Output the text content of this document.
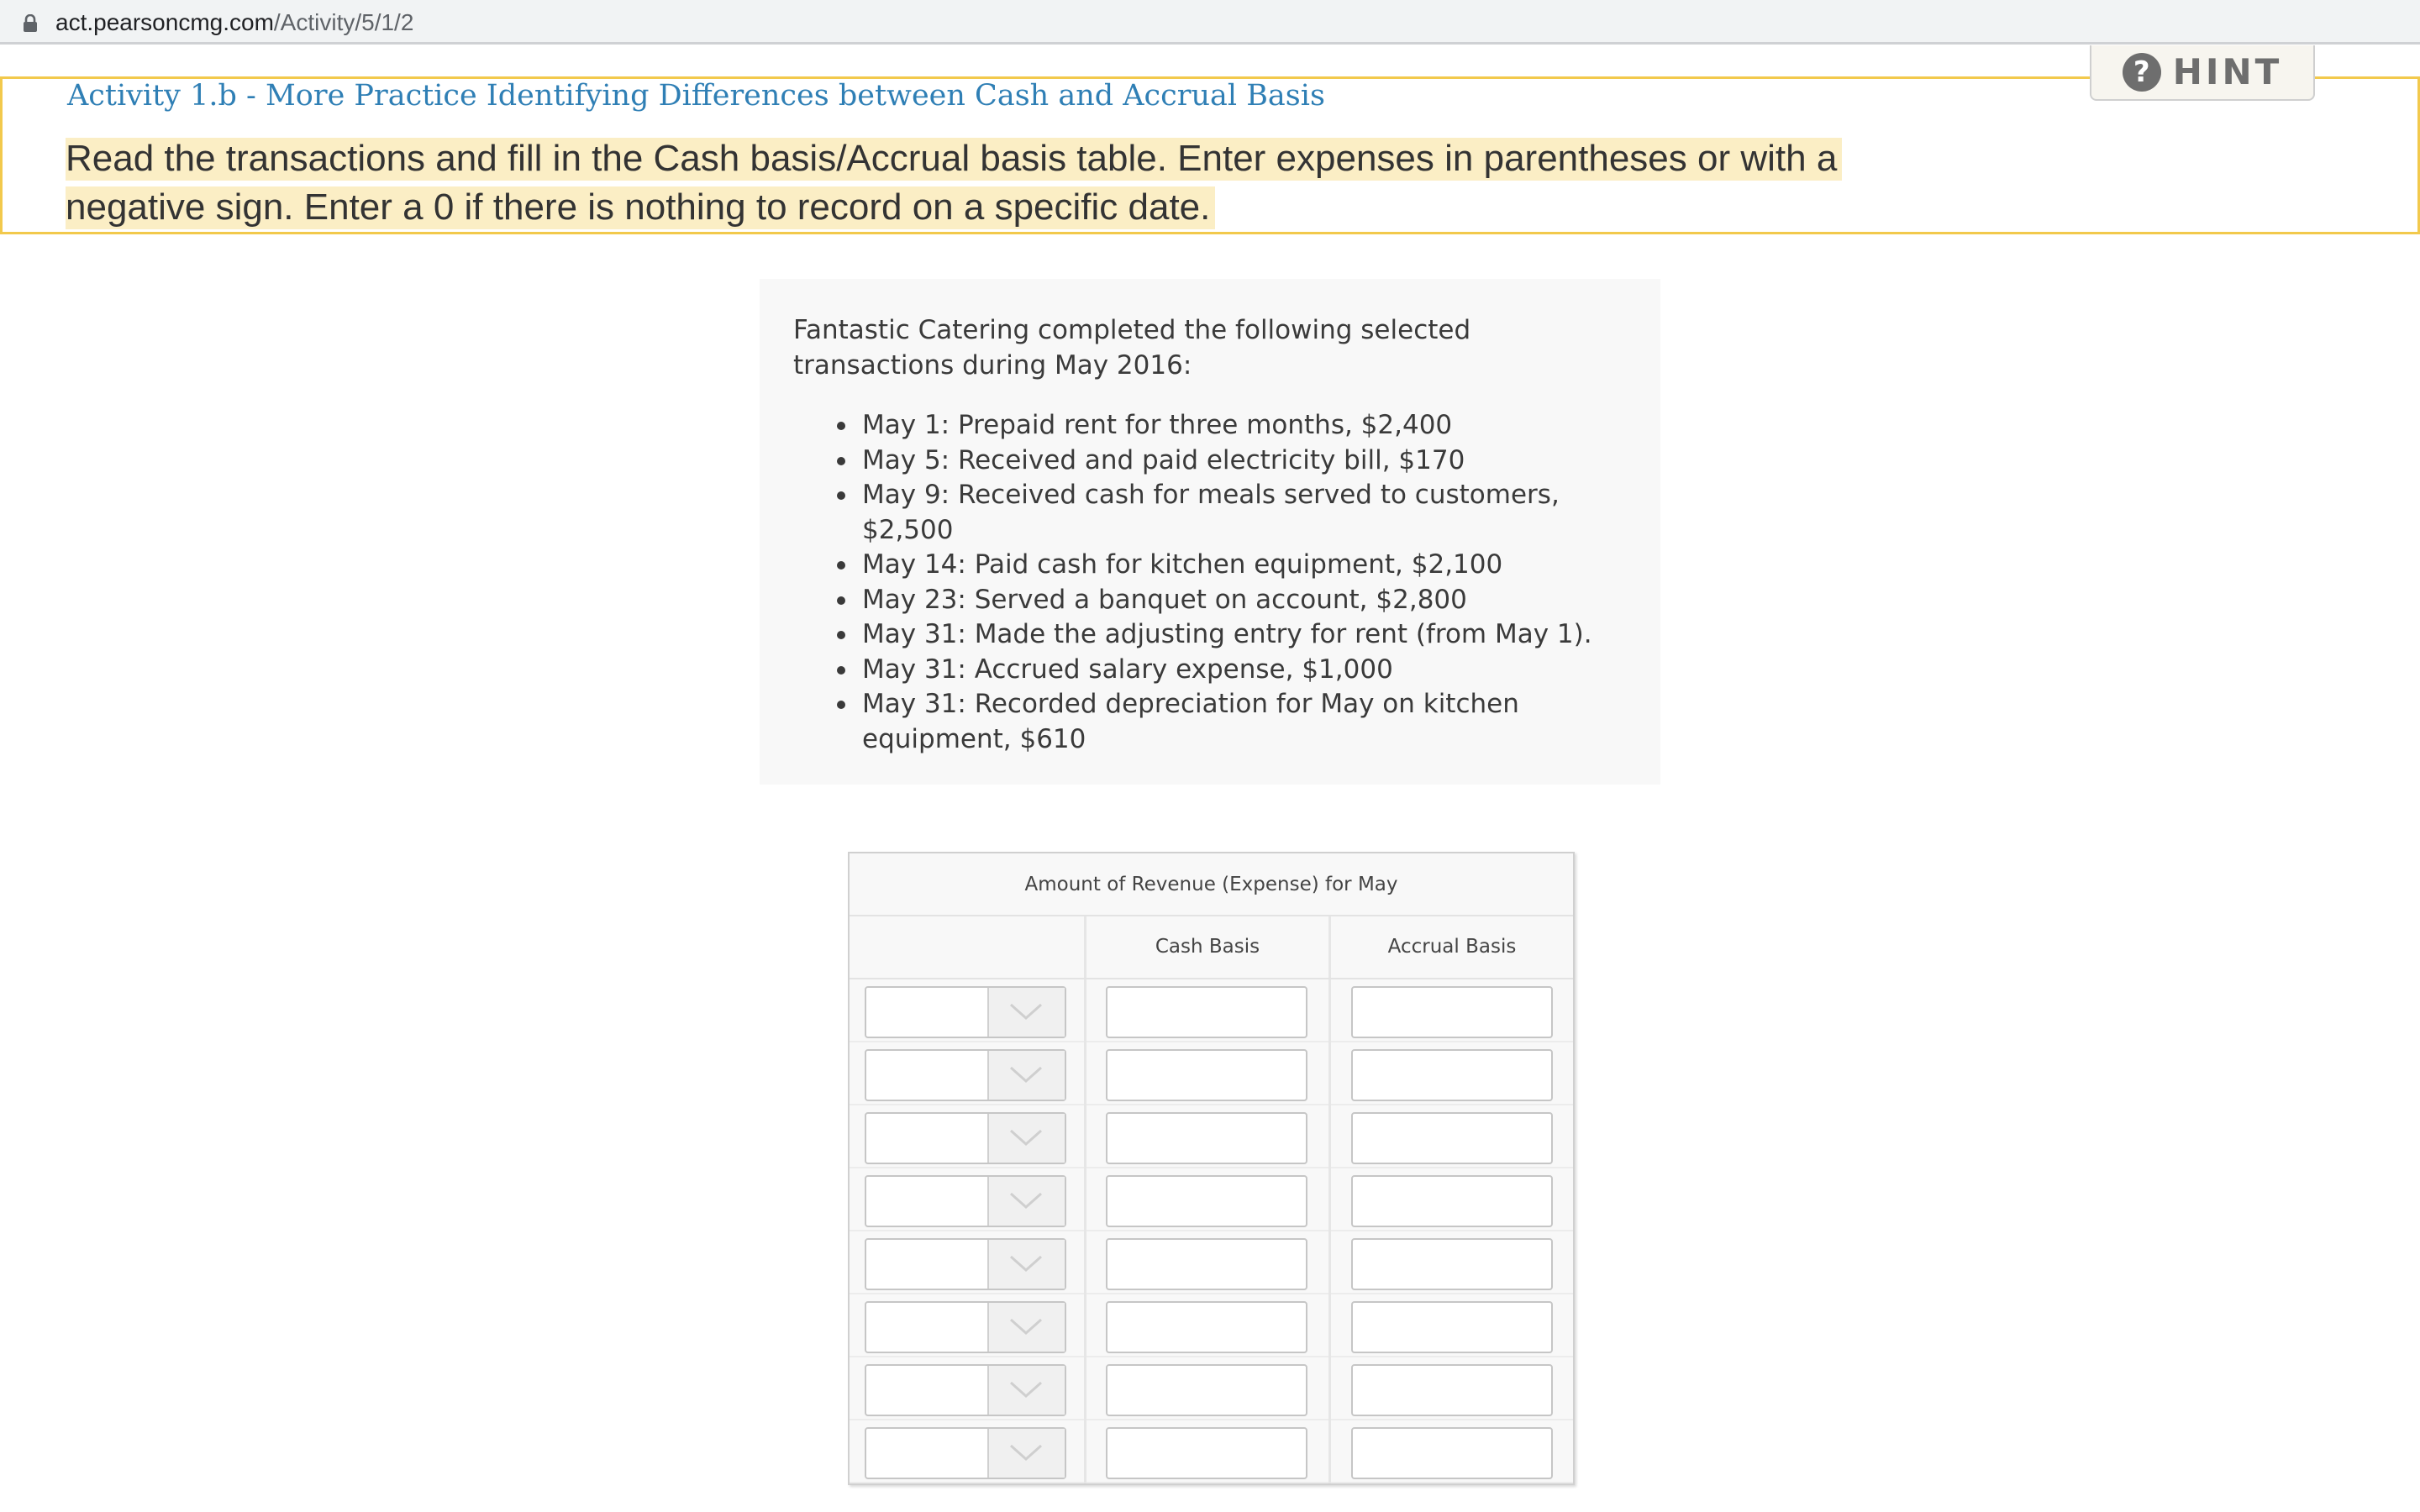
act.pearsoncmg.com/Activity/5/1/2
Activity 1.b - More Practice Identifying Differences between Cash and Accrual Basis
Read the transactions and fill in the Cash basis/Accrual basis table. Enter expenses in parentheses or with a negative sign. Enter a 0 if there is nothing to record on a specific date.
? HINT
Fantastic Catering completed the following selected transactions during May 2016:
May 1: Prepaid rent for three months, $2,400
May 5: Received and paid electricity bill, $170
May 9: Received cash for meals served to customers, $2,500
May 14: Paid cash for kitchen equipment, $2,100
May 23: Served a banquet on account, $2,800
May 31: Made the adjusting entry for rent (from May 1).
May 31: Accrued salary expense, $1,000
May 31: Recorded depreciation for May on kitchen equipment, $610
Amount of Revenue (Expense) for May
Cash Basis	Accrual Basis
